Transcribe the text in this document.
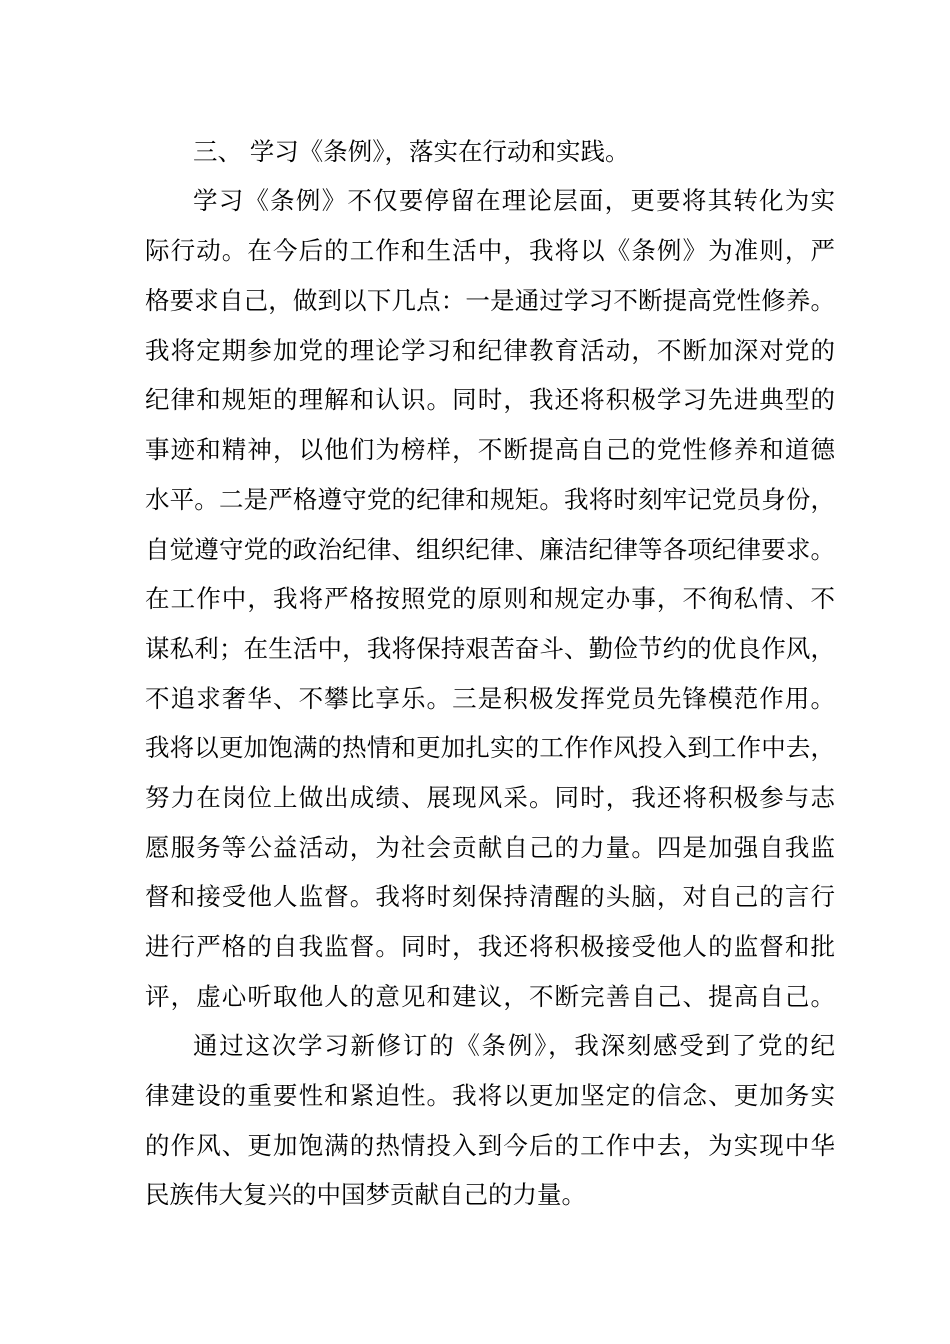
三、 学习《条例》，落实在行动和实践。
学习《条例》不仅要停留在理论层面，更要将其转化为实
际行动。在今后的工作和生活中，我将以《条例》为准则，严
格要求自己，做到以下几点：一是通过学习不断提高党性修养。
我将定期参加党的理论学习和纪律教育活动，不断加深对党的
纪律和规矩的理解和认识。同时，我还将积极学习先进典型的
事迹和精神，以他们为榜样，不断提高自己的党性修养和道德
水平。二是严格遵守党的纪律和规矩。我将时刻牢记党员身份，
自觉遵守党的政治纪律、组织纪律、廉洁纪律等各项纪律要求。
在工作中，我将严格按照党的原则和规定办事，不徇私情、不
谋私利；在生活中，我将保持艰苦奋斗、勤俭节约的优良作风，
不追求奢华、不攀比享乐。三是积极发挥党员先锋模范作用。
我将以更加饱满的热情和更加扎实的工作作风投入到工作中去，
努力在岗位上做出成绩、展现风采。同时，我还将积极参与志
愿服务等公益活动，为社会贡献自己的力量。四是加强自我监
督和接受他人监督。我将时刻保持清醒的头脑，对自己的言行
进行严格的自我监督。同时，我还将积极接受他人的监督和批
评，虚心听取他人的意见和建议，不断完善自己、提高自己。
通过这次学习新修订的《条例》，我深刻感受到了党的纪
律建设的重要性和紧迫性。我将以更加坚定的信念、更加务实
的作风、更加饱满的热情投入到今后的工作中去，为实现中华
民族伟大复兴的中国梦贡献自己的力量。
